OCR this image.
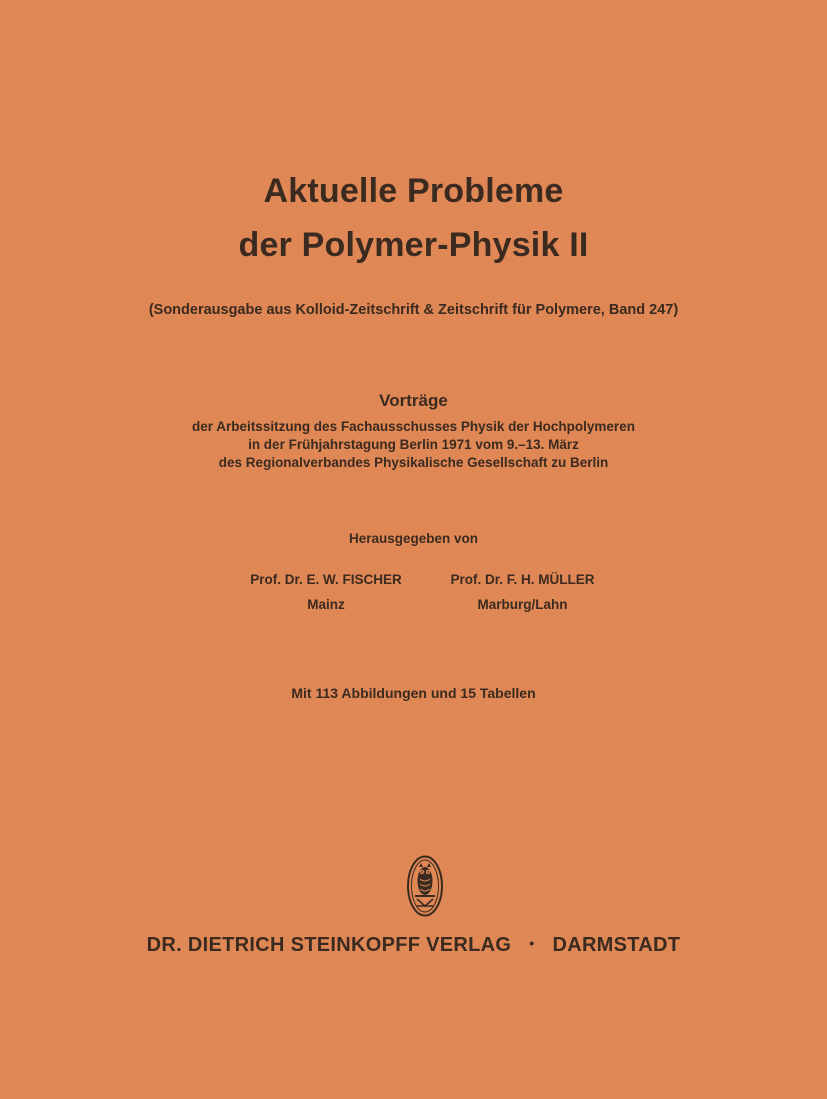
Aktuelle Probleme
der Polymer-Physik II
(Sonderausgabe aus Kolloid-Zeitschrift & Zeitschrift für Polymere, Band 247)
Vorträge
der Arbeitssitzung des Fachausschusses Physik der Hochpolymeren
in der Frühjahrstagung Berlin 1971 vom 9.–13. März
des Regionalverbandes Physikalische Gesellschaft zu Berlin
Herausgegeben von
Prof. Dr. E. W. FISCHER
Mainz
Prof. Dr. F. H. MÜLLER
Marburg/Lahn
Mit 113 Abbildungen und 15 Tabellen
DR. DIETRICH STEINKOPFF VERLAG • DARMSTADT
